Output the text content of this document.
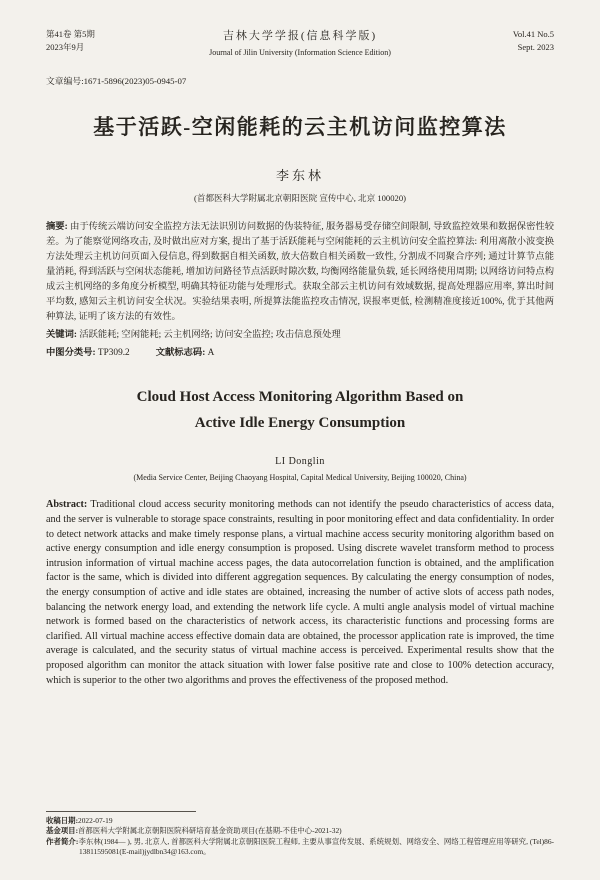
第41卷 第5期
2023年9月
吉林大学学报(信息科学版)
Journal of Jilin University (Information Science Edition)
Vol.41 No.5
Sept. 2023
文章编号:1671-5896(2023)05-0945-07
基于活跃-空闲能耗的云主机访问监控算法
李东林
(首都医科大学附属北京朝阳医院 宣传中心, 北京 100020)

摘要: 由于传统云端访问安全监控方法无法识别访问数据的伪装特征, 服务器易受存储空间限制, 导致监控效果和数据保密性较差。为了能察觉网络攻击, 及时做出应对方案, 提出了基于活跃能耗与空闲能耗的云主机访问安全监控算法: 利用离散小波变换方法处理云主机访问页面入侵信息, 得到数据自相关函数, 放大倍数自相关函数一致性, 分割成不同聚合序列; 通过计算节点能量消耗, 得到活跃与空闲状态能耗, 增加访问路径节点活跃时隙次数, 均衡网络能量负载, 延长网络使用周期; 以网络访问特点构成云主机网络的多角度分析模型, 明确其特征功能与处理形式。获取全部云主机访问有效域数据, 提高处理器应用率, 算出时间平均数, 感知云主机访问安全状况。实验结果表明, 所提算法能监控攻击情况, 误报率更低, 检测精准度接近100%, 优于其他两种算法, 证明了该方法的有效性。

关键词: 活跃能耗; 空闲能耗; 云主机网络; 访问安全监控; 攻击信息预处理

中图分类号: TP309.2	文献标志码: A

Cloud Host Access Monitoring Algorithm Based on
Active Idle Energy Consumption
LI Donglin
(Media Service Center, Beijing Chaoyang Hospital, Capital Medical University, Beijing 100020, China)

Abstract: Traditional cloud access security monitoring methods can not identify the pseudo characteristics of access data, and the server is vulnerable to storage space constraints, resulting in poor monitoring effect and data confidentiality. In order to detect network attacks and make timely response plans, a virtual machine access security monitoring algorithm based on active energy consumption and idle energy consumption is proposed. Using discrete wavelet transform method to process intrusion information of virtual machine access pages, the data autocorrelation function is obtained, and the amplification factor is the same, which is divided into different aggregation sequences. By calculating the energy consumption of nodes, the energy consumption of active and idle states are obtained, increasing the number of active slots of access path nodes, balancing the network energy load, and extending the network life cycle. A multi angle analysis model of virtual machine network is formed based on the characteristics of network access, its characteristic functions and processing forms are clarified. All virtual machine access effective domain data are obtained, the processor application rate is improved, the time average is calculated, and the security status of virtual machine access is perceived. Experimental results show that the proposed algorithm can monitor the attack situation with lower false positive rate and close to 100% detection accuracy, which is superior to the other two algorithms and proves the effectiveness of the proposed method.

收稿日期:2022-07-19
基金项目:首都医科大学附属北京朝阳医院科研培育基金资助项目(在基期-不佳中心-2021-32)
作者简介:李东林(1984— ), 男, 北京人, 首都医科大学附属北京朝阳医院工程师, 主要从事宣传发展、系统规划、网络安全、网络工程管理应用等研究, (Tel)86-13811595081(E-mail)jydlbn34@163.com。
